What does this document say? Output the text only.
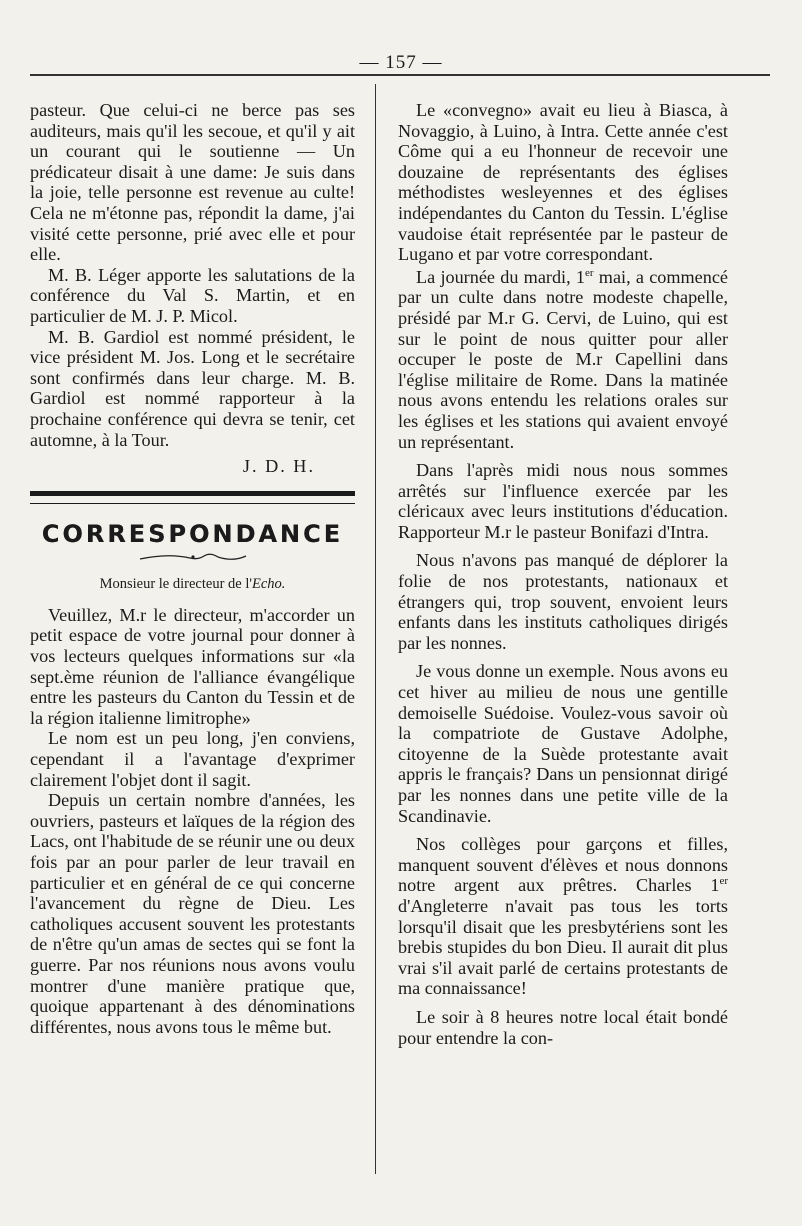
— 157 —

pasteur. Que celui-ci ne berce pas ses auditeurs, mais qu'il les secoue, et qu'il y ait un courant qui le soutienne — Un prédicateur disait à une dame: Je suis dans la joie, telle personne est revenue au culte! Cela ne m'étonne pas, répondit la dame, j'ai visité cette personne, prié avec elle et pour elle.

M. B. Léger apporte les salutations de la conférence du Val S. Martin, et en particulier de M. J. P. Micol.

M. B. Gardiol est nommé président, le vice président M. Jos. Long et le secrétaire sont confirmés dans leur charge. M. B. Gardiol est nommé rapporteur à la prochaine conférence qui devra se tenir, cet automne, à la Tour.

J. D. H.
CORRESPONDANCE
Monsieur le directeur de l'Echo.

Veuillez, M.r le directeur, m'accorder un petit espace de votre journal pour donner à vos lecteurs quelques informations sur «la sept.ème réunion de l'alliance évangélique entre les pasteurs du Canton du Tessin et de la région italienne limitrophe»

Le nom est un peu long, j'en conviens, cependant il a l'avantage d'exprimer clairement l'objet dont il sagit.

Depuis un certain nombre d'années, les ouvriers, pasteurs et laïques de la région des Lacs, ont l'habitude de se réunir une ou deux fois par an pour parler de leur travail en particulier et en général de ce qui concerne l'avancement du règne de Dieu. Les catholiques accusent souvent les protestants de n'être qu'un amas de sectes qui se font la guerre. Par nos réunions nous avons voulu montrer d'une manière pratique que, quoique appartenant à des dénominations différentes, nous avons tous le même but.

Le «convegno» avait eu lieu à Biasca, à Novaggio, à Luino, à Intra. Cette année c'est Côme qui a eu l'honneur de recevoir une douzaine de représentants des églises méthodistes wesleyennes et des églises indépendantes du Canton du Tessin. L'église vaudoise était représentée par le pasteur de Lugano et par votre correspondant.

La journée du mardi, 1er mai, a commencé par un culte dans notre modeste chapelle, présidé par M.r G. Cervi, de Luino, qui est sur le point de nous quitter pour aller occuper le poste de M.r Capellini dans l'église militaire de Rome. Dans la matinée nous avons entendu les relations orales sur les églises et les stations qui avaient envoyé un représentant.

Dans l'après midi nous nous sommes arrêtés sur l'influence exercée par les cléricaux avec leurs institutions d'éducation. Rapporteur M.r le pasteur Bonifazi d'Intra.

Nous n'avons pas manqué de déplorer la folie de nos protestants, nationaux et étrangers qui, trop souvent, envoient leurs enfants dans les instituts catholiques dirigés par les nonnes.

Je vous donne un exemple. Nous avons eu cet hiver au milieu de nous une gentille demoiselle Suédoise. Voulez-vous savoir où la compatriote de Gustave Adolphe, citoyenne de la Suède protestante avait appris le français? Dans un pensionnat dirigé par les nonnes dans une petite ville de la Scandinavie.

Nos collèges pour garçons et filles, manquent souvent d'élèves et nous donnons notre argent aux prêtres. Charles 1er d'Angleterre n'avait pas tous les torts lorsqu'il disait que les presbytériens sont les brebis stupides du bon Dieu. Il aurait dit plus vrai s'il avait parlé de certains protestants de ma connaissance!

Le soir à 8 heures notre local était bondé pour entendre la con-
